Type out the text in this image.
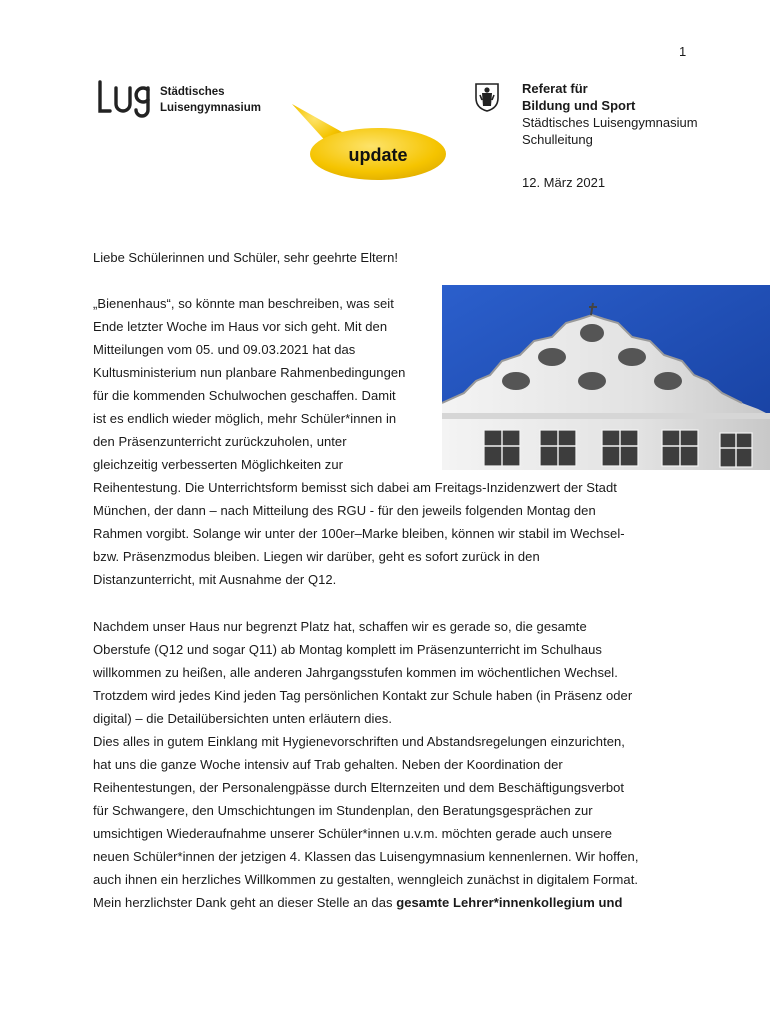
1
Städtisches
Luisengymnasium
update
Referat für
Bildung und Sport
Städtisches Luisengymnasium
Schulleitung
12. März 2021
Liebe Schülerinnen und Schüler, sehr geehrte Eltern!
„Bienenhaus“, so könnte man beschreiben, was seit
Ende letzter Woche im Haus vor sich geht. Mit den
Mitteilungen vom 05. und 09.03.2021 hat das
Kultusministerium nun planbare Rahmenbedingungen
für die kommenden Schulwochen geschaffen. Damit
ist es endlich wieder möglich, mehr Schüler*innen in
den Präsenzunterricht zurückzuholen, unter
gleichzeitig verbesserten Möglichkeiten zur
Reihentestung. Die Unterrichtsform bemisst sich dabei am Freitags-Inzidenzwert der Stadt
München, der dann – nach Mitteilung des RGU - für den jeweils folgenden Montag den
Rahmen vorgibt. Solange wir unter der 100er–Marke bleiben, können wir stabil im Wechsel-
bzw. Präsenzmodus bleiben. Liegen wir darüber, geht es sofort zurück in den
Distanzunterricht, mit Ausnahme der Q12.
Nachdem unser Haus nur begrenzt Platz hat, schaffen wir es gerade so, die gesamte
Oberstufe (Q12 und sogar Q11) ab Montag komplett im Präsenzunterricht im Schulhaus
willkommen zu heißen, alle anderen Jahrgangsstufen kommen im wöchentlichen Wechsel.
Trotzdem wird jedes Kind jeden Tag persönlichen Kontakt zur Schule haben (in Präsenz oder
digital) – die Detailübersichten unten erläutern dies.
Dies alles in gutem Einklang mit Hygienevorschriften und Abstandsregelungen einzurichten,
hat uns die ganze Woche intensiv auf Trab gehalten. Neben der Koordination der
Reihentestungen, der Personalengpässe durch Elternzeiten und dem Beschäftigungsverbot
für Schwangere, den Umschichtungen im Stundenplan, den Beratungsgesprächen zur
umsichtigen Wiederaufnahme unserer Schüler*innen u.v.m. möchten gerade auch unsere
neuen Schüler*innen der jetzigen 4. Klassen das Luisengymnasium kennenlernen. Wir hoffen,
auch ihnen ein herzliches Willkommen zu gestalten, wenngleich zunächst in digitalem Format.
Mein herzlichster Dank geht an dieser Stelle an das gesamte Lehrer*innenkollegium und
